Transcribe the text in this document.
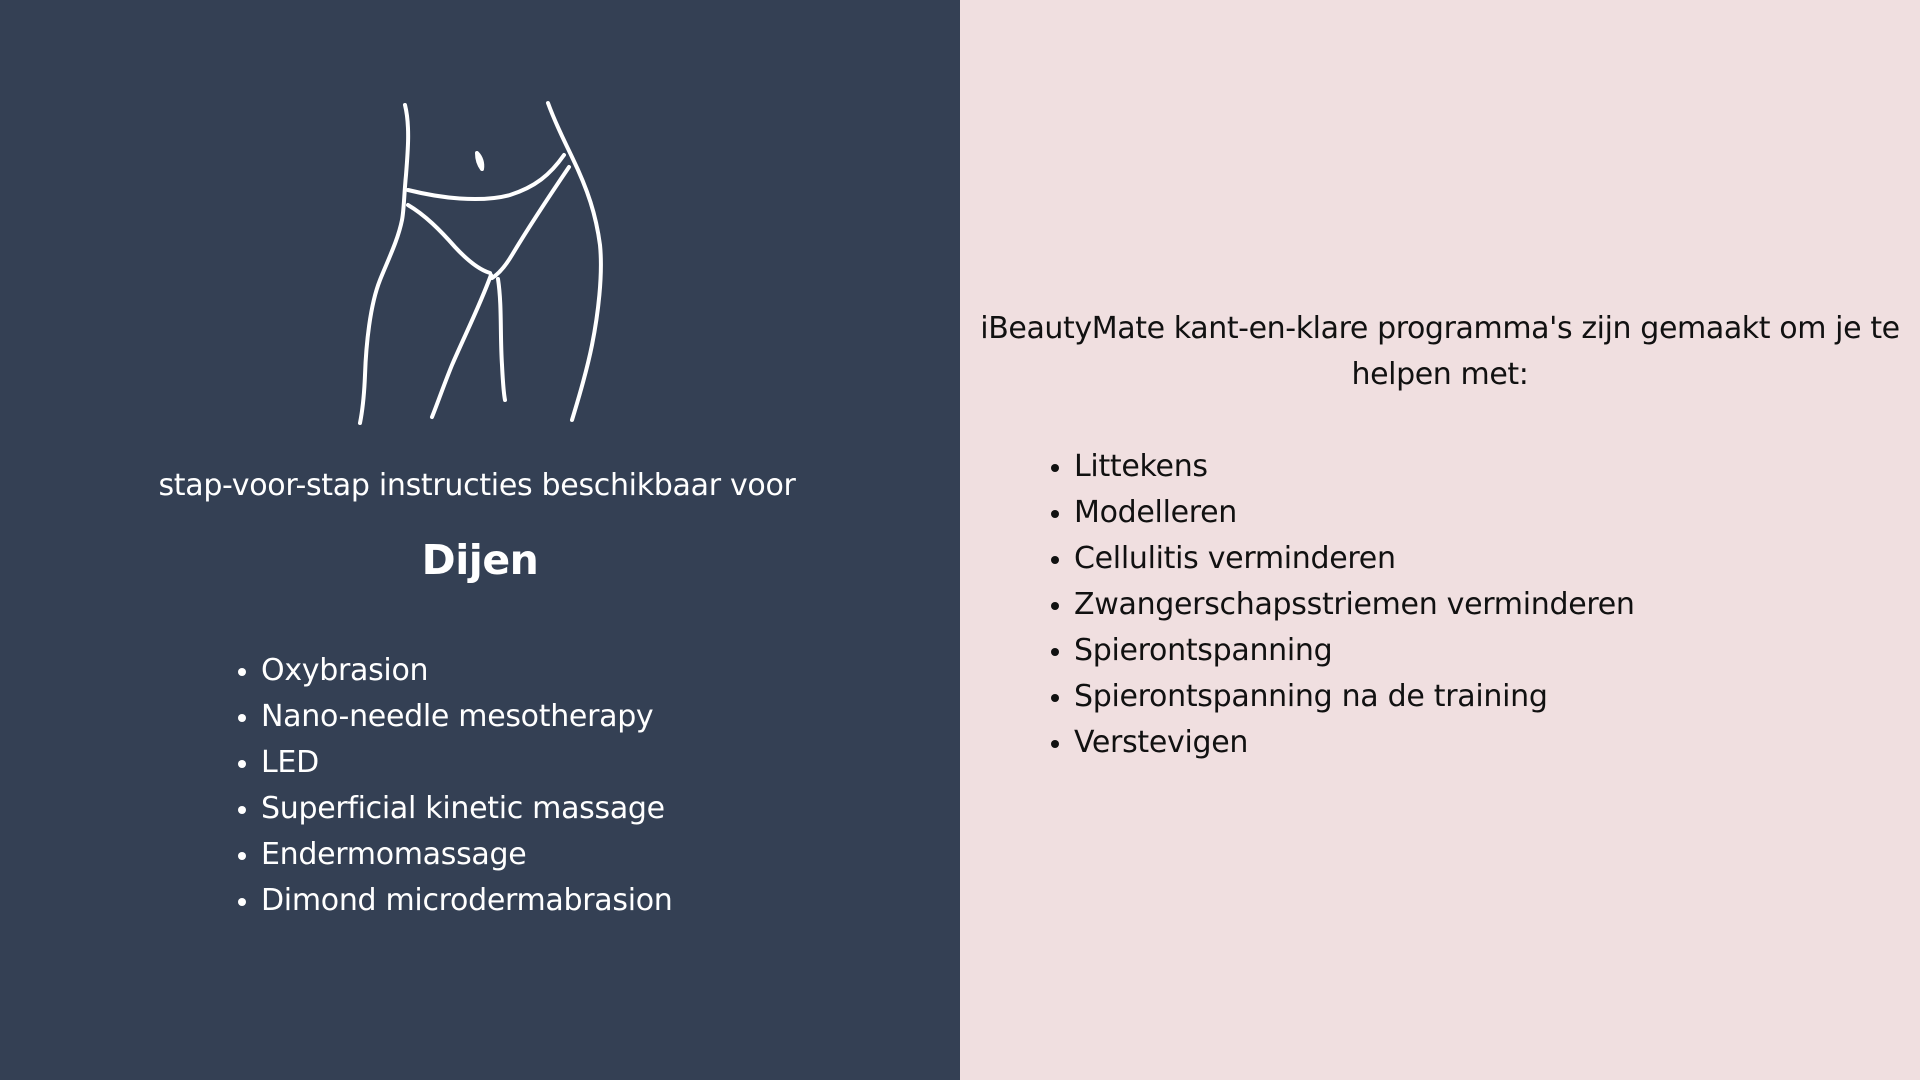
stap-voor-stap instructies beschikbaar voor
Dijen
Oxybrasion
Nano-needle mesotherapy
LED
Superficial kinetic massage
Endermomassage
Dimond microdermabrasion
iBeautyMate kant-en-klare programma's zijn gemaakt om je te helpen met:
Littekens
Modelleren
Cellulitis verminderen
Zwangerschapsstriemen verminderen
Spierontspanning
Spierontspanning na de training
Verstevigen
